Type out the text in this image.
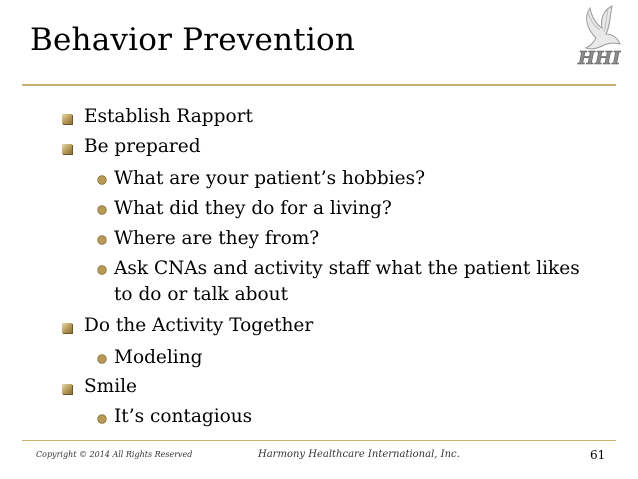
Behavior Prevention
HHI
Establish Rapport
Be prepared
What are your patient’s hobbies?
What did they do for a living?
Where are they from?
Ask CNAs and activity staff what the patient likes
to do or talk about
Do the Activity Together
Modeling
Smile
It’s contagious
Copyright © 2014 All Rights Reserved	Harmony Healthcare International, Inc.	61
